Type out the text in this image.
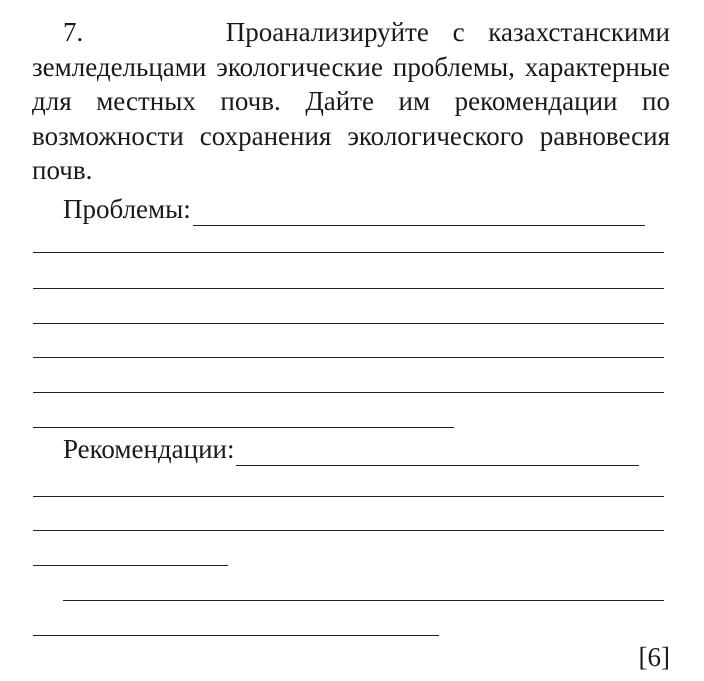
7.	Проанализируйте с казахстанскими земледельцами экологические проблемы, характерные для местных почв. Дайте им рекомендации по возможности сохранения экологического равновесия почв.

Проблемы:
Рекомендации:
[6]
